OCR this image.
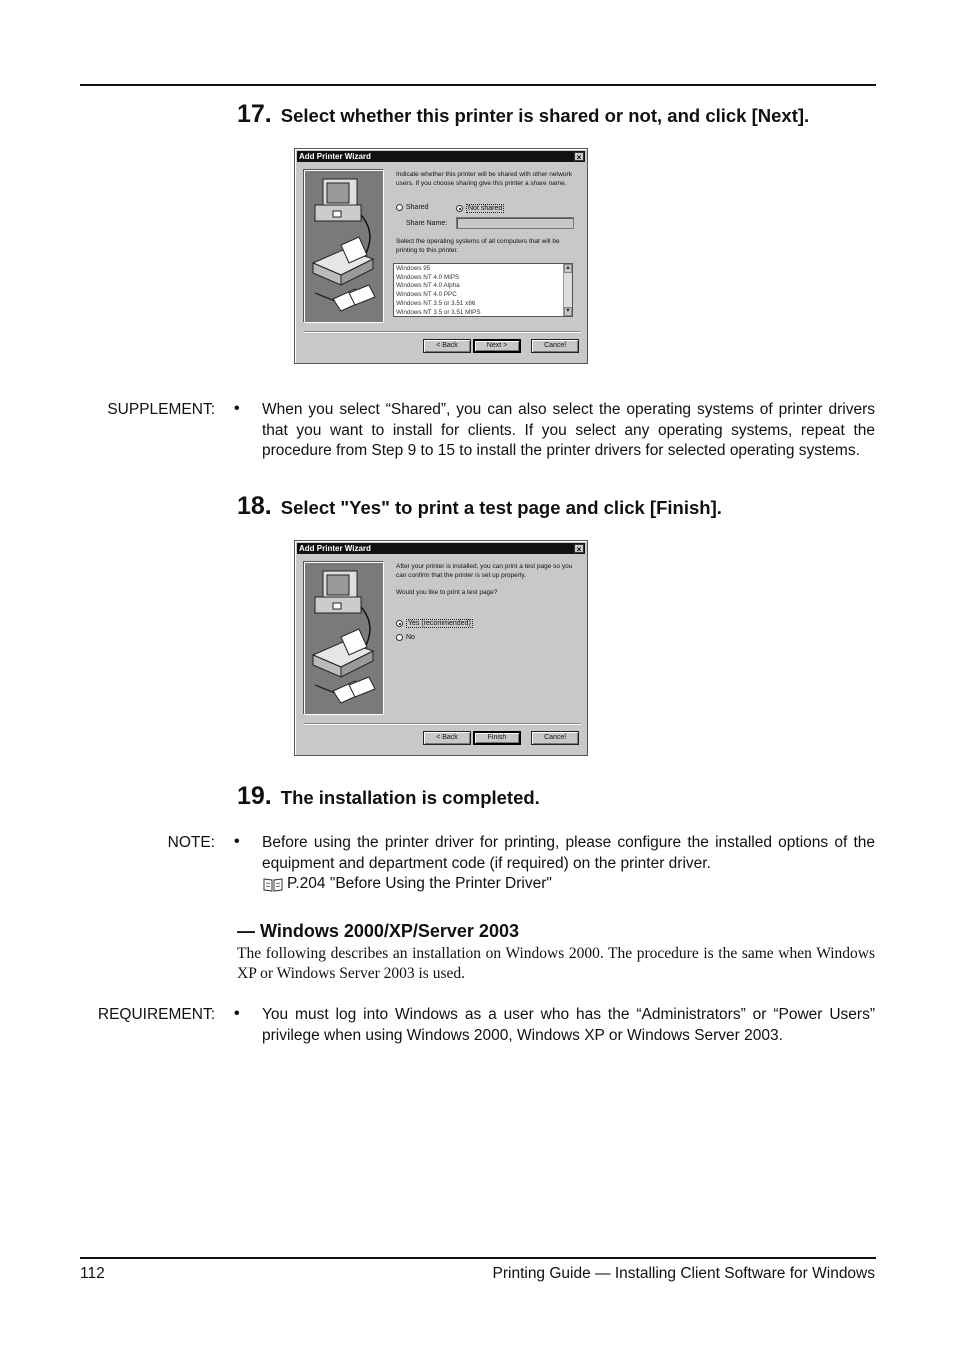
17. Select whether this printer is shared or not, and click [Next].
Add Printer Wizard	×
Indicate whether this printer will be shared with other network users. If you choose sharing give this printer a share name.
Shared	Not shared
Share Name:
Select the operating systems of all computers that will be printing to this printer.
Windows 95
Windows NT 4.0 MIPS
Windows NT 4.0 Alpha
Windows NT 4.0 PPC
Windows NT 3.5 or 3.51 x86
Windows NT 3.5 or 3.51 MIPS
▲
▼
< Back	Next >	Cancel
SUPPLEMENT: • When you select “Shared”, you can also select the operating systems of printer drivers that you want to install for clients. If you select any operating systems, repeat the procedure from Step 9 to 15 to install the printer drivers for selected operating systems.
18. Select "Yes" to print a test page and click [Finish].
Add Printer Wizard	×
After your printer is installed, you can print a test page so you can confirm that the printer is set up properly.
Would you like to print a test page?
Yes (recommended)
No
< Back	Finish	Cancel
19. The installation is completed.
NOTE: • Before using the printer driver for printing, please configure the installed options of the equipment and department code (if required) on the printer driver.
P.204 "Before Using the Printer Driver"
— Windows 2000/XP/Server 2003
The following describes an installation on Windows 2000. The procedure is the same when Windows XP or Windows Server 2003 is used.
REQUIREMENT: • You must log into Windows as a user who has the “Administrators” or “Power Users” privilege when using Windows 2000, Windows XP or Windows Server 2003.
112	Printing Guide — Installing Client Software for Windows
